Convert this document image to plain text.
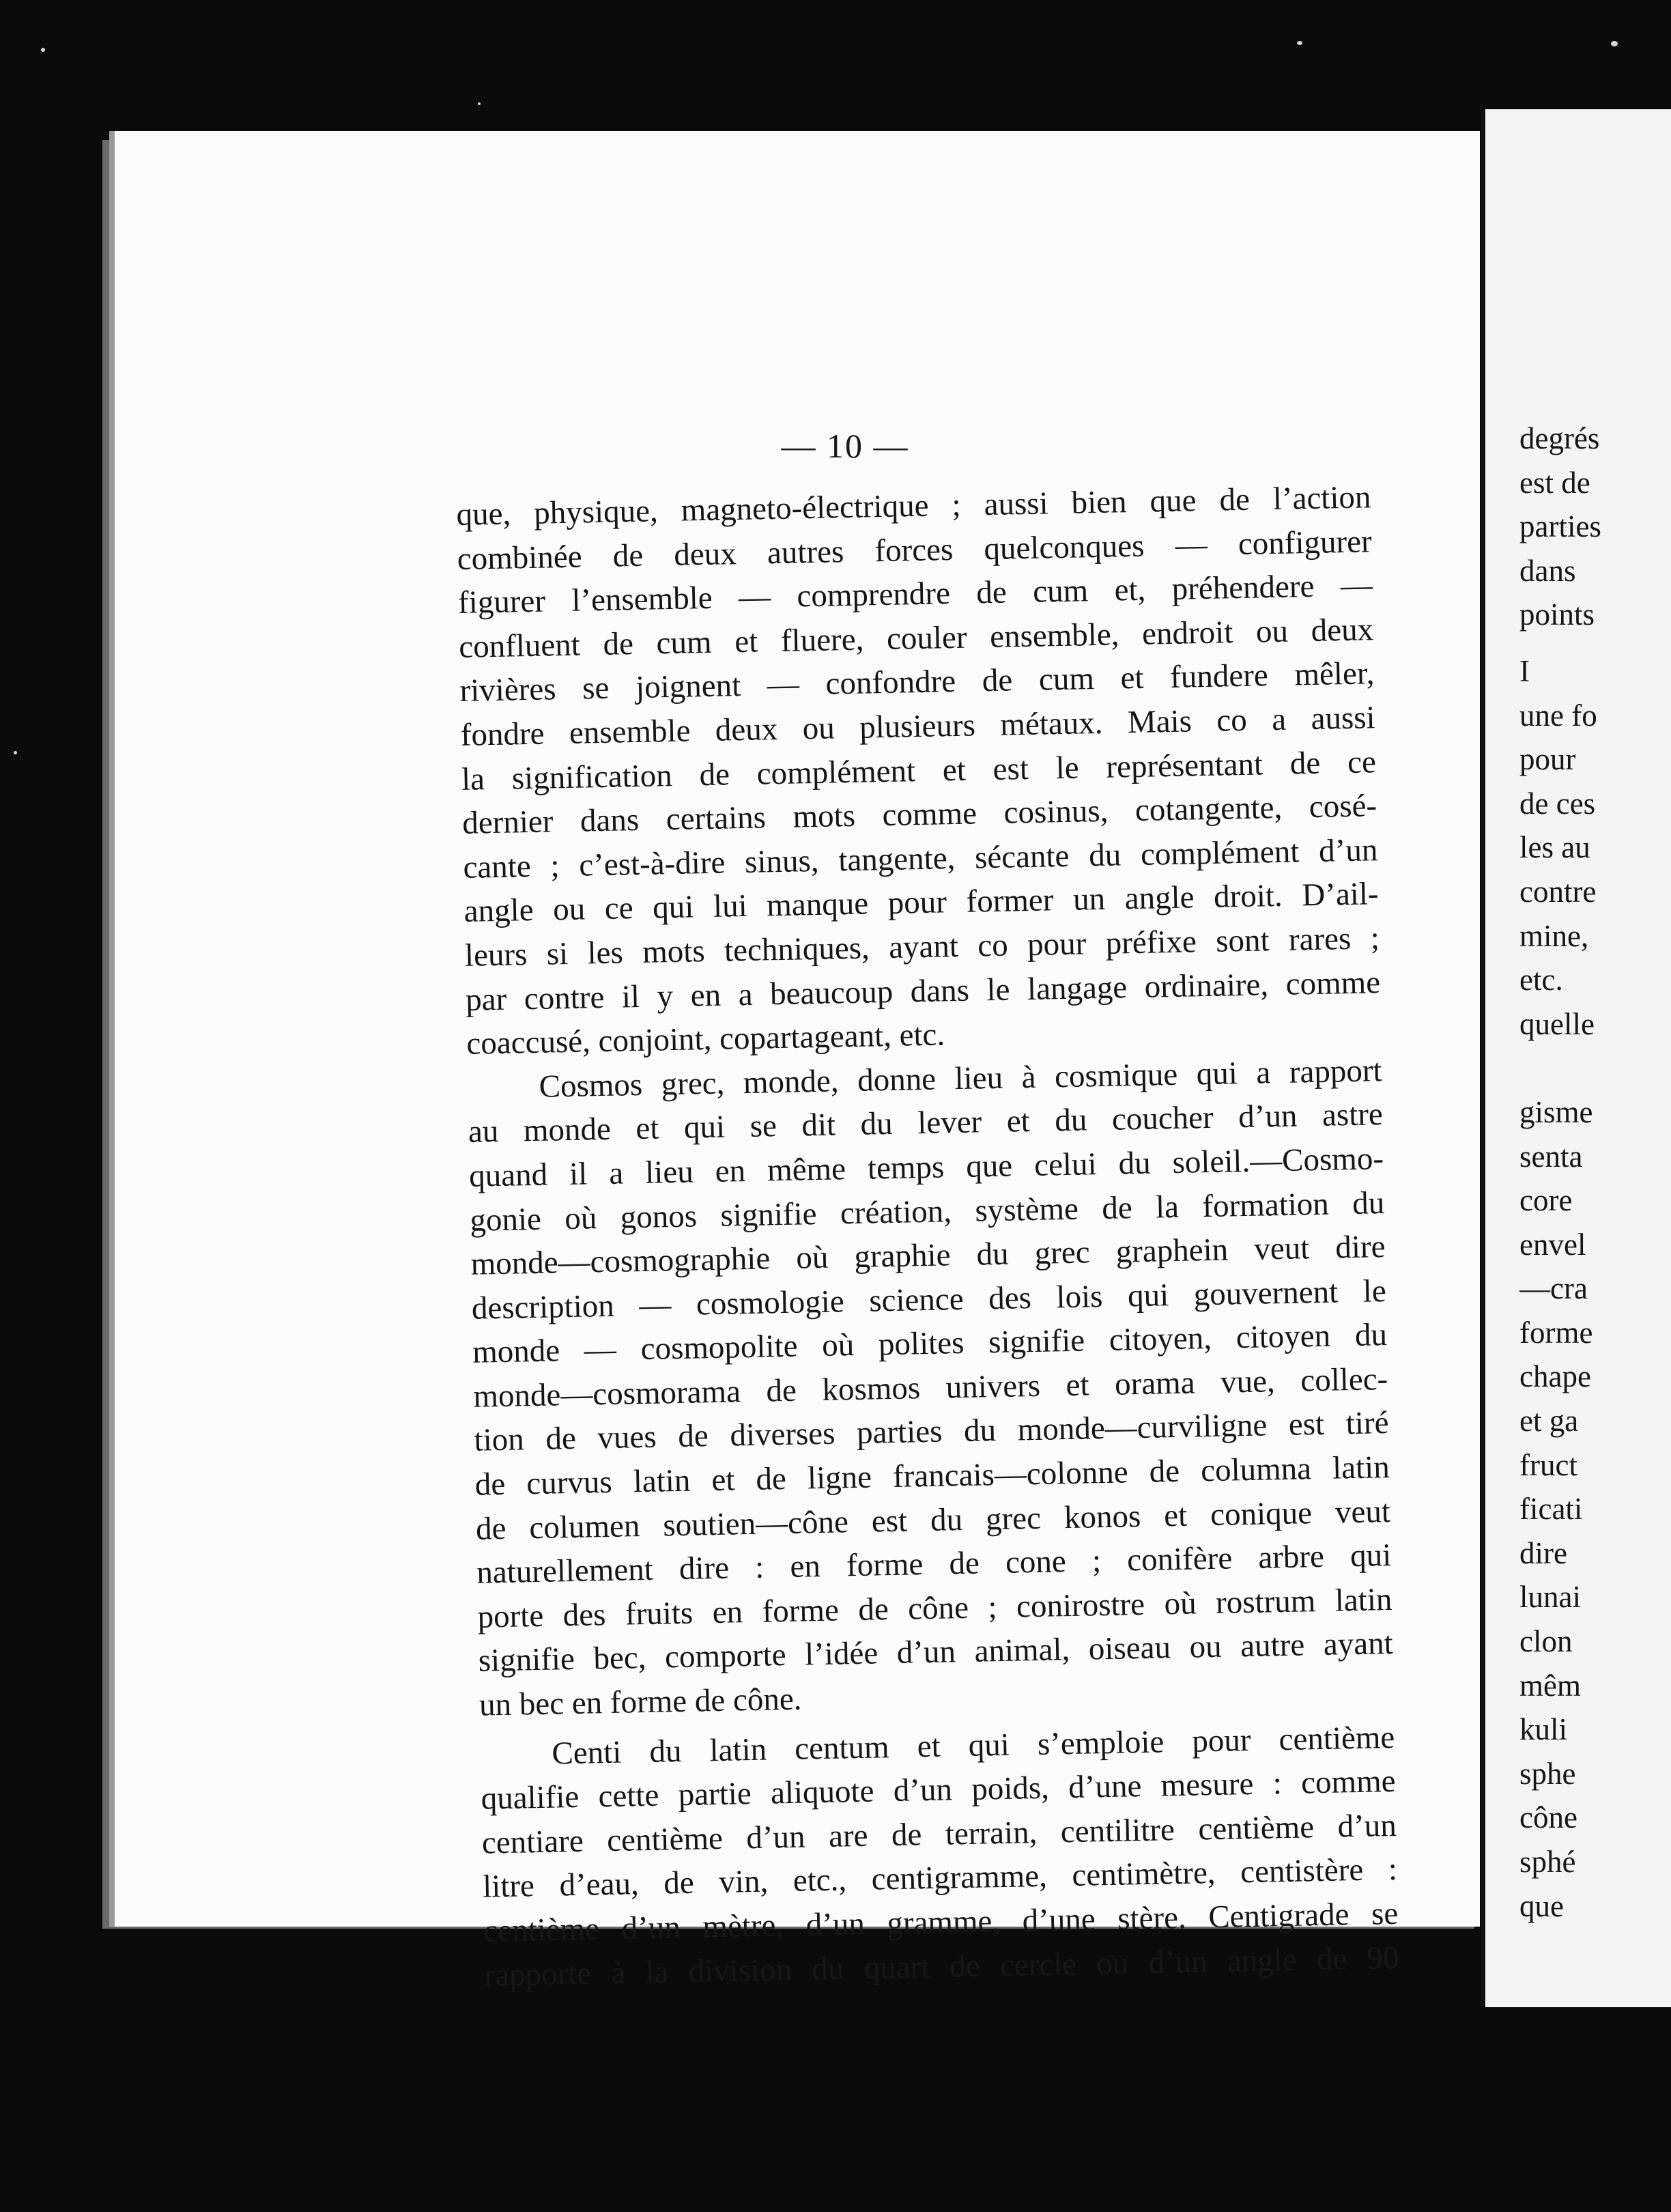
— 10 —
que, physique, magneto-électrique ; aussi bien que de l’action
combinée de deux autres forces quelconques — configurer
figurer l’ensemble — comprendre de cum et, préhendere —
confluent de cum et fluere, couler ensemble, endroit ou deux
rivières se joignent — confondre de cum et fundere mêler,
fondre ensemble deux ou plusieurs métaux. Mais co a aussi
la signification de complément et est le représentant de ce
dernier dans certains mots comme cosinus, cotangente, cosé-
cante ; c’est-à-dire sinus, tangente, sécante du complément d’un
angle ou ce qui lui manque pour former un angle droit. D’ail-
leurs si les mots techniques, ayant co pour préfixe sont rares ;
par contre il y en a beaucoup dans le langage ordinaire, comme
coaccusé, conjoint, copartageant, etc.
Cosmos grec, monde, donne lieu à cosmique qui a rapport
au monde et qui se dit du lever et du coucher d’un astre
quand il a lieu en même temps que celui du soleil.—Cosmo-
gonie où gonos signifie création, système de la formation du
monde—cosmographie où graphie du grec graphein veut dire
description — cosmologie science des lois qui gouvernent le
monde — cosmopolite où polites signifie citoyen, citoyen du
monde—cosmorama de kosmos univers et orama vue, collec-
tion de vues de diverses parties du monde—curviligne est tiré
de curvus latin et de ligne francais—colonne de columna latin
de columen soutien—cône est du grec konos et conique veut
naturellement dire : en forme de cone ; conifère arbre qui
porte des fruits en forme de cône ; conirostre où rostrum latin
signifie bec, comporte l’idée d’un animal, oiseau ou autre ayant
un bec en forme de cône.
Centi du latin centum et qui s’emploie pour centième
qualifie cette partie aliquote d’un poids, d’une mesure : comme
centiare centième d’un are de terrain, centilitre centième d’un
litre d’eau, de vin, etc., centigramme, centimètre, centistère :
centième d’un mètre, d’un gramme, d’une stère. Centigrade se
rapporte à la division du quart de cercle ou d’un angle de 90
degrés
est de
parties
dans
points
I
une fo
pour
de ces
les au
contre
mine,
etc.
quelle
gisme
senta
core
envel
—cra
forme
chape
et ga
fruct
ficati
dire
lunai
clon
mêm
kuli
sphe
cône
sphé
que
